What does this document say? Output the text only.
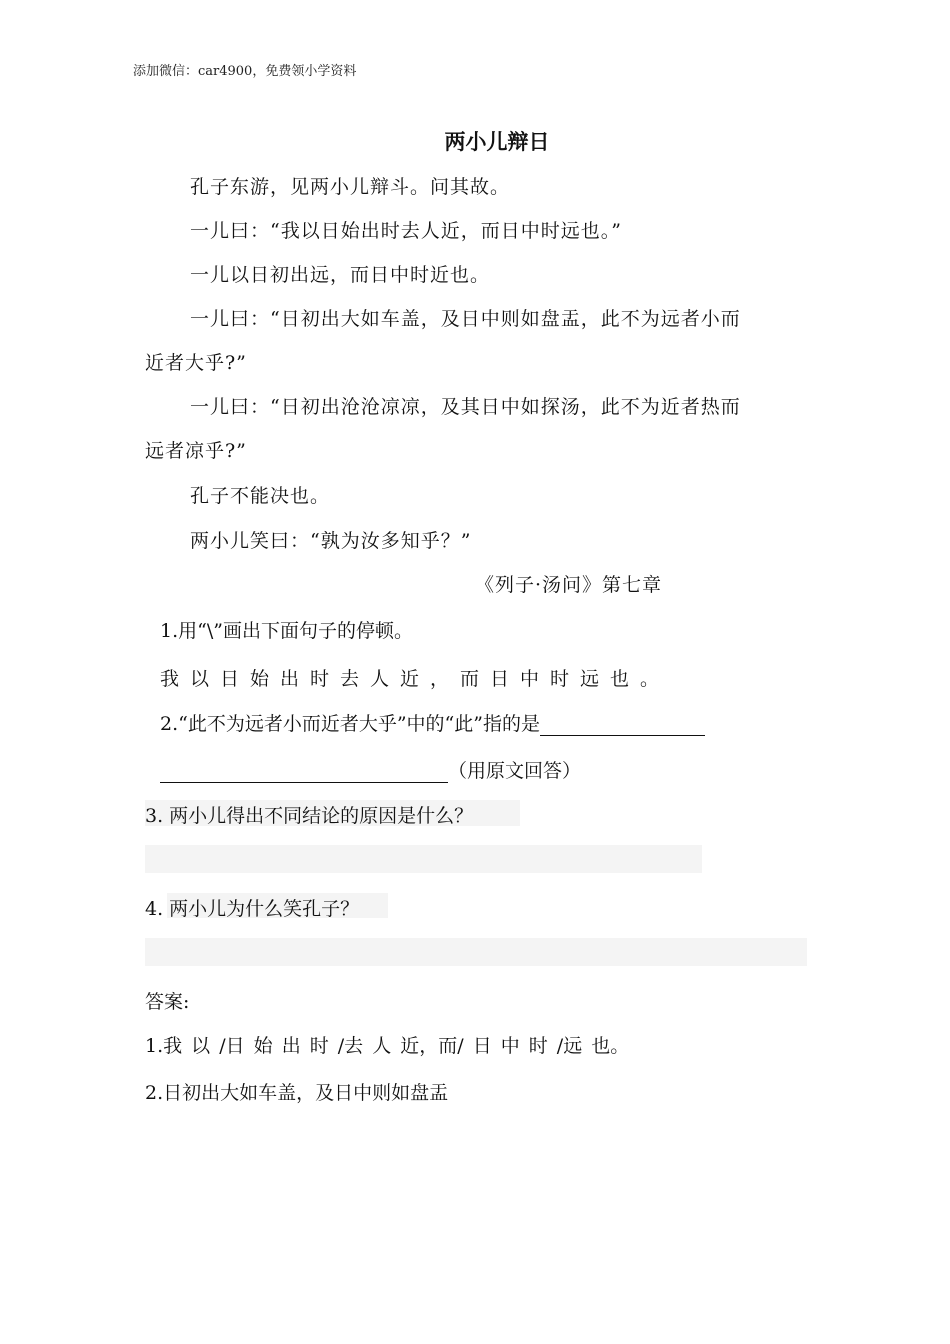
添加微信：car4900，免费领小学资料
两小儿辩日
孔子东游，见两小儿辩斗。问其故。
一儿曰：“我以日始出时去人近，而日中时远也。”
一儿以日初出远，而日中时近也。
一儿曰：“日初出大如车盖，及日中则如盘盂，此不为远者小而
近者大乎?”
一儿曰：“日初出沧沧凉凉，及其日中如探汤，此不为近者热而
远者凉乎?”
孔子不能决也。
两小儿笑曰：“孰为汝多知乎？”
《列子·汤问》第七章
1.用“\”画出下面句子的停顿。
我以日始出时去人近，而日中时远也。
2.“此不为远者小而近者大乎”中的“此”指的是
（用原文回答）
3. 两小儿得出不同结论的原因是什么？
4. 两小儿为什么笑孔子？
答案:
1.我 以 /日 始 出 时 /去 人 近，而/ 日 中 时 /远 也。
2.日初出大如车盖，及日中则如盘盂
